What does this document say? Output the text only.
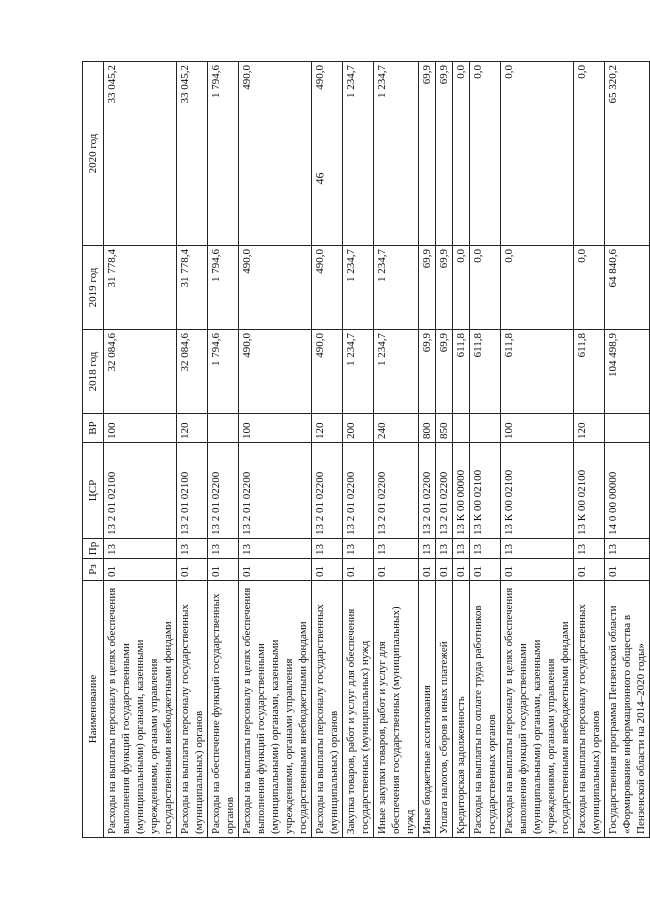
46
Наименование	Рз	Пр	ЦСР	ВР	2018 год	2019 год	2020 год
Расходы на выплаты персоналу в целях обеспечения выполнения функций государственными (муниципальными) органами, казенными учреждениями, органами управления государственными внебюджетными фондами	01	13	13 2 01 02100	100	32 084,6	31 778,4	33 045,2
Расходы на выплаты персоналу государственных (муниципальных) органов	01	13	13 2 01 02100	120	32 084,6	31 778,4	33 045,2
Расходы на обеспечение функций государственных органов	01	13	13 2 01 02200		1 794,6	1 794,6	1 794,6
Расходы на выплаты персоналу в целях обеспечения выполнения функций государственными (муниципальными) органами, казенными учреждениями, органами управления государственными внебюджетными фондами	01	13	13 2 01 02200	100	490,0	490,0	490,0
Расходы на выплаты персоналу государственных (муниципальных) органов	01	13	13 2 01 02200	120	490,0	490,0	490,0
Закупка товаров, работ и услуг для обеспечения государственных (муниципальных) нужд	01	13	13 2 01 02200	200	1 234,7	1 234,7	1 234,7
Иные закупки товаров, работ и услуг для обеспечения государственных (муниципальных) нужд	01	13	13 2 01 02200	240	1 234,7	1 234,7	1 234,7
Иные бюджетные ассигнования	01	13	13 2 01 02200	800	69,9	69,9	69,9
Уплата налогов, сборов и иных платежей	01	13	13 2 01 02200	850	69,9	69,9	69,9
Кредиторская задолженность	01	13	13 К 00 00000		611,8	0,0	0,0
Расходы на выплаты по оплате труда работников государственных органов	01	13	13 К 00 02100		611,8	0,0	0,0
Расходы на выплаты персоналу в целях обеспечения выполнения функций государственными (муниципальными) органами, казенными учреждениями, органами управления государственными внебюджетными фондами	01	13	13 К 00 02100	100	611,8	0,0	0,0
Расходы на выплаты персоналу государственных (муниципальных) органов	01	13	13 К 00 02100	120	611,8	0,0	0,0
Государственная программа Пензенской области «Формирование информационного общества в Пензенской области на 2014–2020 годы»	01	13	14 0 00 00000		104 498,9	64 840,6	65 320,2
